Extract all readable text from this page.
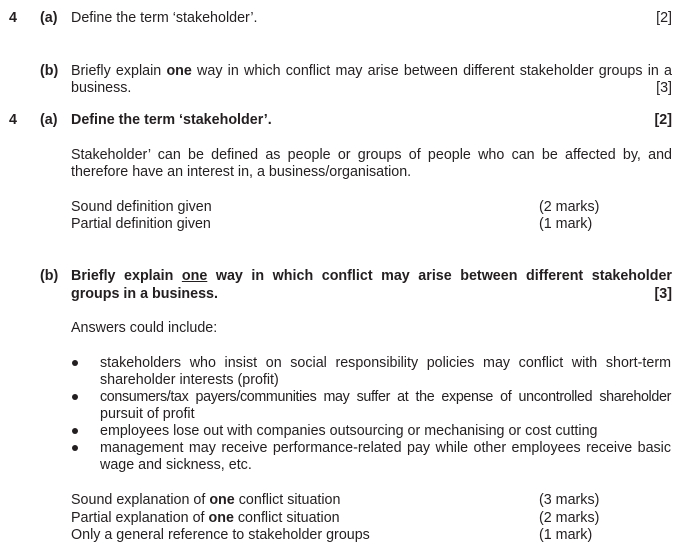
4 (a) Define the term ‘stakeholder’.	[2]
(b) Briefly explain one way in which conflict may arise between different stakeholder groups in a
business.	[3]
4 (a) Define the term ‘stakeholder’.	[2]
Stakeholder’ can be defined as people or groups of people who can be affected by, and
therefore have an interest in, a business/organisation.
Sound definition given	(2 marks)
Partial definition given	(1 mark)
(b) Briefly explain one way in which conflict may arise between different stakeholder
groups in a business.	[3]
Answers could include:
stakeholders who insist on social responsibility policies may conflict with short-term
shareholder interests (profit)
consumers/tax payers/communities may suffer at the expense of uncontrolled shareholder
pursuit of profit
employees lose out with companies outsourcing or mechanising or cost cutting
management may receive performance-related pay while other employees receive basic
wage and sickness, etc.
Sound explanation of one conflict situation	(3 marks)
Partial explanation of one conflict situation	(2 marks)
Only a general reference to stakeholder groups	(1 mark)
